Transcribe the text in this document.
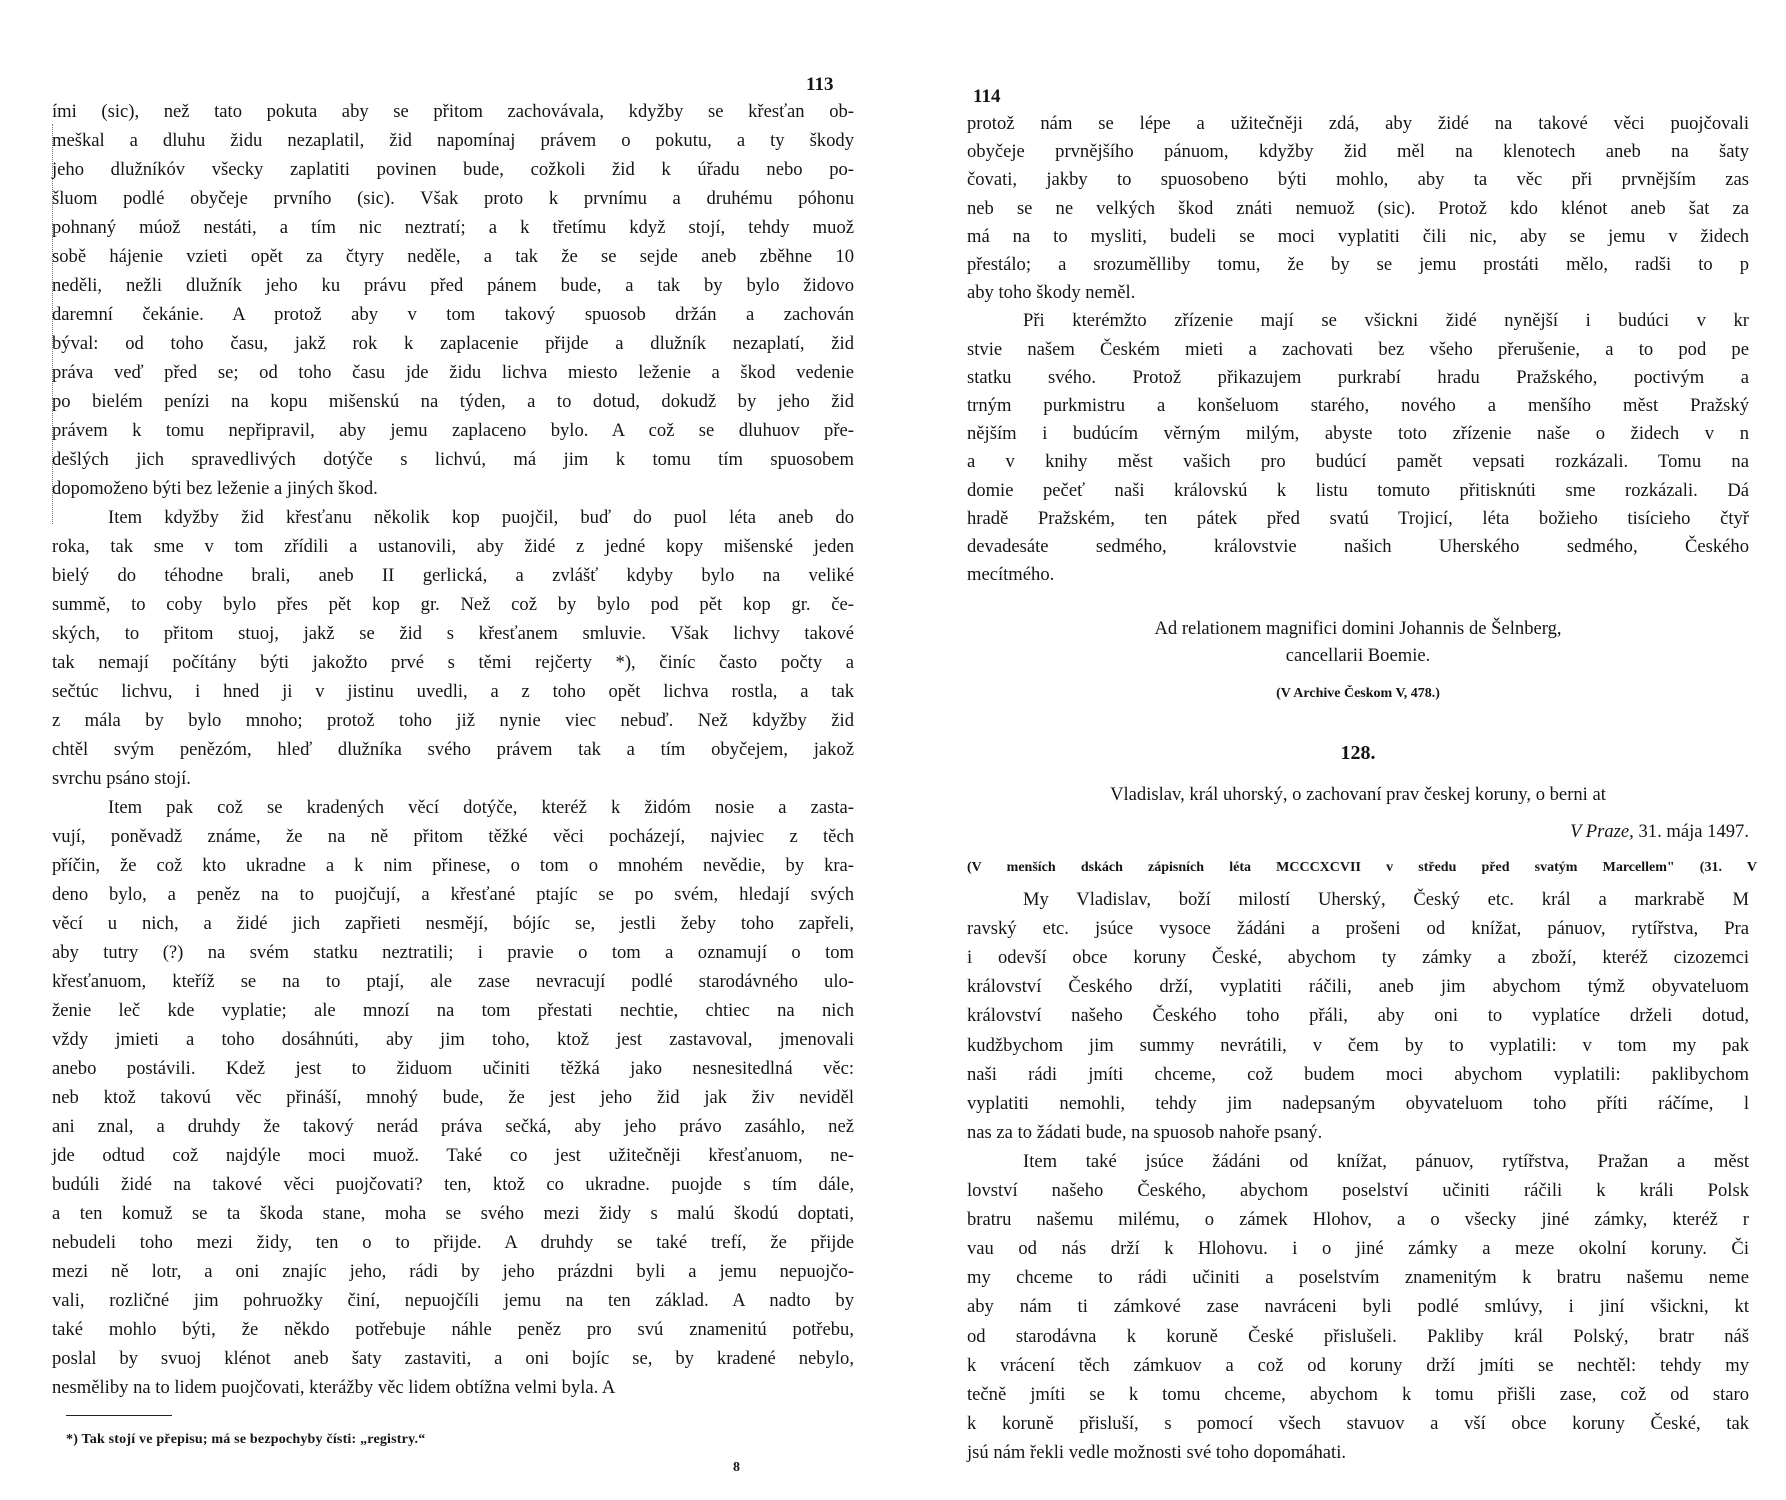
113
ími (sic), než tato pokuta aby se přitom zachovávala, kdyžby se křesťan ob-
meškal a dluhu židu nezaplatil, žid napomínaj právem o pokutu, a ty škody
jeho dlužníkóv všecky zaplatiti povinen bude, cožkoli žid k úřadu nebo po-
šluom podlé obyčeje prvního (sic). Však proto k prvnímu a druhému póhonu
pohnaný múož nestáti, a tím nic neztratí; a k třetímu když stojí, tehdy muož
sobě hájenie vzieti opět za čtyry neděle, a tak že se sejde aneb zběhne 10
neděli, nežli dlužník jeho ku právu před pánem bude, a tak by bylo židovo
daremní čekánie. A protož aby v tom takový spuosob držán a zachován
býval: od toho času, jakž rok k zaplacenie přijde a dlužník nezaplatí, žid
práva veď před se; od toho času jde židu lichva miesto leženie a škod vedenie
po bielém penízi na kopu mišenskú na týden, a to dotud, dokudž by jeho žid
právem k tomu nepřipravil, aby jemu zaplaceno bylo. A což se dluhuov pře-
dešlých jich spravedlivých dotýče s lichvú, má jim k tomu tím spuosobem
dopomoženo býti bez leženie a jiných škod.
Item kdyžby žid křesťanu několik kop puojčil, buď do puol léta aneb do
roka, tak sme v tom zřídili a ustanovili, aby židé z jedné kopy mišenské jeden
bielý do téhodne brali, aneb II gerlická, a zvlášť kdyby bylo na veliké
summě, to coby bylo přes pět kop gr. Než což by bylo pod pět kop gr. če-
ských, to přitom stuoj, jakž se žid s křesťanem smluvie. Však lichvy takové
tak nemají počítány býti jakožto prvé s těmi rejčerty *), činíc často počty a
sečtúc lichvu, i hned ji v jistinu uvedli, a z toho opět lichva rostla, a tak
z mála by bylo mnoho; protož toho již nynie viec nebuď. Než kdyžby žid
chtěl svým penězóm, hleď dlužníka svého právem tak a tím obyčejem, jakož
svrchu psáno stojí.
Item pak což se kradených věcí dotýče, kteréž k židóm nosie a zasta-
vují, poněvadž známe, že na ně přitom těžké věci pocházejí, najviec z těch
příčin, že což kto ukradne a k nim přinese, o tom o mnohém nevědie, by kra-
deno bylo, a peněz na to puojčují, a křesťané ptajíc se po svém, hledají svých
věcí u nich, a židé jich zapřieti nesmějí, bójíc se, jestli žeby toho zapřeli,
aby tutry (?) na svém statku neztratili; i pravie o tom a oznamují o tom
křesťanuom, kteříž se na to ptají, ale zase nevracují podlé starodávného ulo-
ženie leč kde vyplatie; ale mnozí na tom přestati nechtie, chtiec na nich
vždy jmieti a toho dosáhnúti, aby jim toho, ktož jest zastavoval, jmenovali
anebo postávili. Kdež jest to židuom učiniti těžká jako nesnesitedlná věc:
neb ktož takovú věc přináší, mnohý bude, že jest jeho žid jak živ neviděl
ani znal, a druhdy že takový nerád práva sečká, aby jeho právo zasáhlo, než
jde odtud což najdýle moci muož. Také co jest užitečněji křesťanuom, ne-
budúli židé na takové věci puojčovati? ten, ktož co ukradne. puojde s tím dále,
a ten komuž se ta škoda stane, moha se svého mezi židy s malú škodú doptati,
nebudeli toho mezi židy, ten o to přijde. A druhdy se také trefí, že přijde
mezi ně lotr, a oni znajíc jeho, rádi by jeho prázdni byli a jemu nepuojčo-
vali, rozličné jim pohruožky činí, nepuojčíli jemu na ten základ. A nadto by
také mohlo býti, že někdo potřebuje náhle peněz pro svú znamenitú potřebu,
poslal by svuoj klénot aneb šaty zastaviti, a oni bojíc se, by kradené nebylo,
nesměliby na to lidem puojčovati, kterážby věc lidem obtížna velmi byla. A
*) Tak stojí ve přepisu; má se bezpochyby čísti: „registry.“
8
114
protož nám se lépe a užitečněji zdá, aby židé na takové věci puojčovali
obyčeje prvnějšího pánuom, kdyžby žid měl na klenotech aneb na šaty
čovati, jakby to spuosobeno býti mohlo, aby ta věc při prvnějším zas
neb se ne velkých škod znáti nemuož (sic). Protož kdo klénot aneb šat za
má na to mysliti, budeli se moci vyplatiti čili nic, aby se jemu v židech
přestálo; a srozumělliby tomu, že by se jemu prostáti mělo, radši to p
aby toho škody neměl.
Při kterémžto zřízenie mají se všickni židé nynější i budúci v kr
stvie našem Českém mieti a zachovati bez všeho přerušenie, a to pod pe
statku svého. Protož přikazujem purkrabí hradu Pražského, poctivým a
trným purkmistru a konšeluom starého, nového a menšího měst Pražský
nějším i budúcím věrným milým, abyste toto zřízenie naše o židech v n
a v knihy měst vašich pro budúcí pamět vepsati rozkázali. Tomu na
domie pečeť naši královskú k listu tomuto přitisknúti sme rozkázali. Dá
hradě Pražském, ten pátek před svatú Trojicí, léta božieho tisícieho čtyř
devadesáte sedmého, královstvie našich Uherského sedmého, Českého
mecítmého.
Ad relationem magnifici domini Johannis de Šelnberg,
cancellarii Boemie.
(V Archive Českom V, 478.)
128.
Vladislav, král uhorský, o zachovaní prav českej koruny, o berni at
V Praze, 31. mája 1497.
(V menších dskách zápisních léta MCCCXCVII v středu před svatým Marcellem" (31. V
My Vladislav, boží milostí Uherský, Český etc. král a markrabě M
ravský etc. jsúce vysoce žádáni a prošeni od knížat, pánuov, rytířstva, Pra
i odevší obce koruny České, abychom ty zámky a zboží, kteréž cizozemci
království Českého drží, vyplatiti ráčili, aneb jim abychom týmž obyvateluom
království našeho Českého toho přáli, aby oni to vyplatíce drželi dotud,
kudžbychom jim summy nevrátili, v čem by to vyplatili: v tom my pak
naši rádi jmíti chceme, což budem moci abychom vyplatili: paklibychom
vyplatiti nemohli, tehdy jim nadepsaným obyvateluom toho příti ráčíme, l
nas za to žádati bude, na spuosob nahoře psaný.
Item také jsúce žádáni od knížat, pánuov, rytířstva, Pražan a měst
lovství našeho Českého, abychom poselství učiniti ráčili k králi Polsk
bratru našemu milému, o zámek Hlohov, a o všecky jiné zámky, kteréž r
vau od nás drží k Hlohovu. i o jiné zámky a meze okolní koruny. Či
my chceme to rádi učiniti a poselstvím znamenitým k bratru našemu neme
aby nám ti zámkové zase navráceni byli podlé smlúvy, i jiní všickni, kt
od starodávna k koruně České přislušeli. Pakliby král Polský, bratr náš
k vrácení těch zámkuov a což od koruny drží jmíti se nechtěl: tehdy my
tečně jmíti se k tomu chceme, abychom k tomu přišli zase, což od staro
k koruně přisluší, s pomocí všech stavuov a vší obce koruny České, tak
jsú nám řekli vedle možnosti své toho dopomáhati.
